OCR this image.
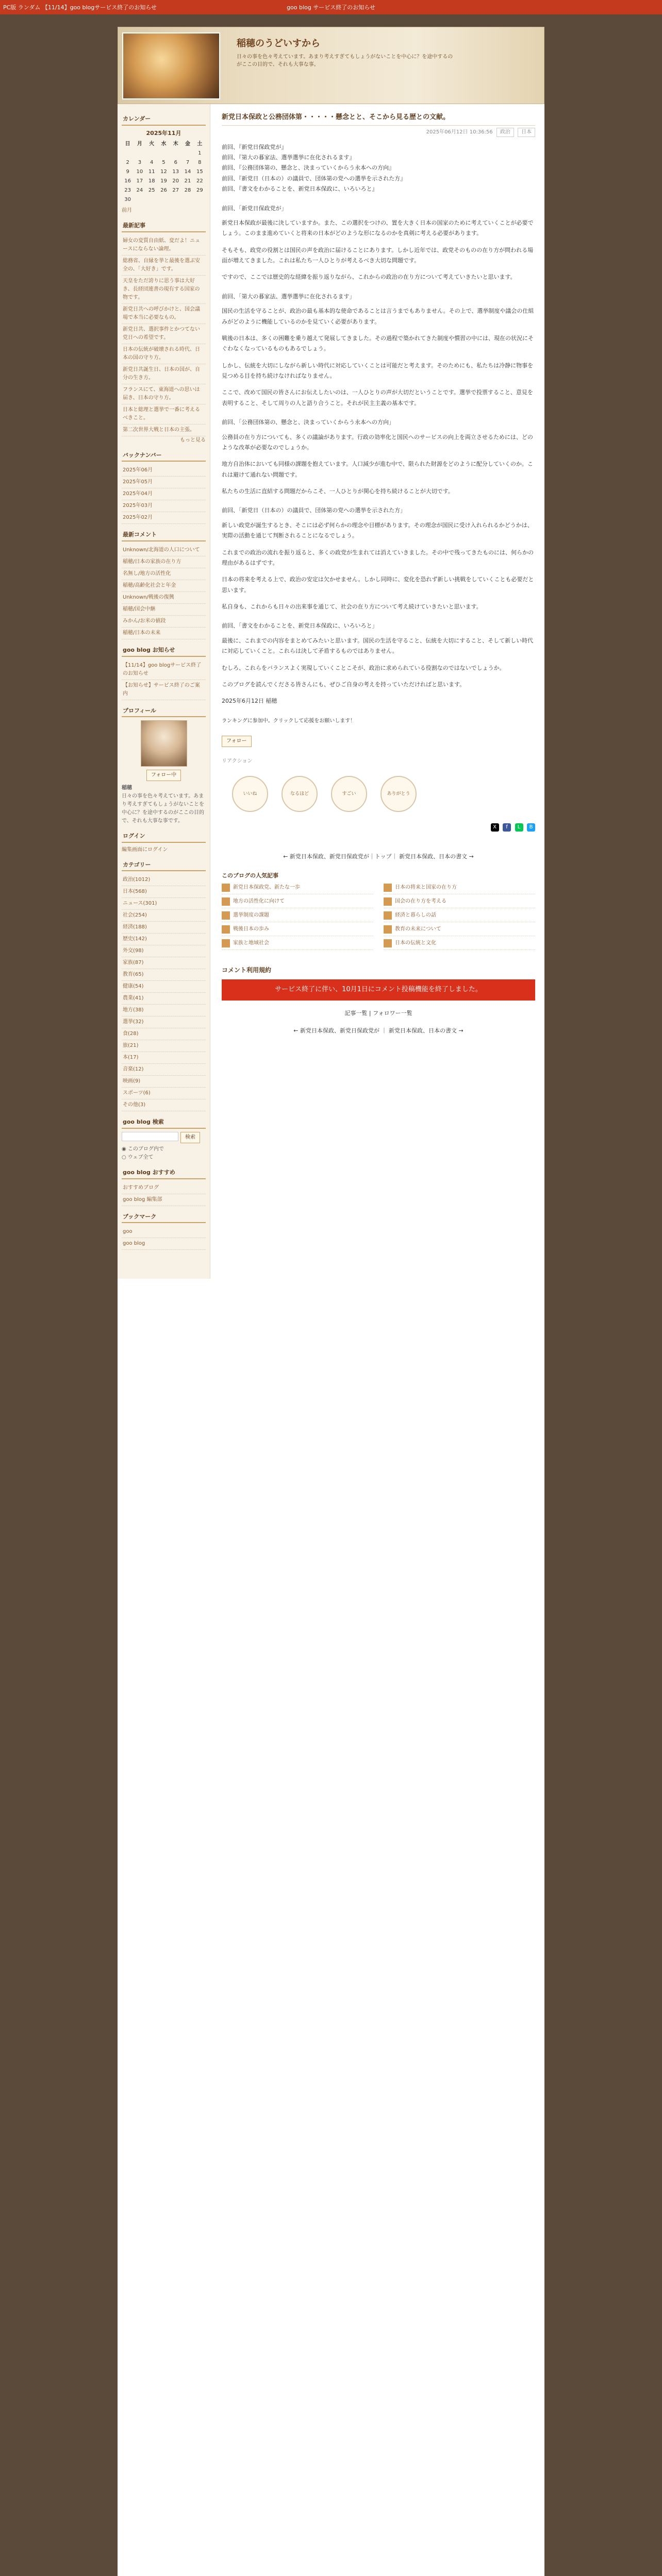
PC版 ランダム 【11/14】goo blogサービス終了のお知らせ	goo blog サービス終了のお知らせ
稲穂のうどいすから
日々の事を色々考えています。あまり考えすぎてもしょうがないことを中心に？を途中するのがここの目的で、それも大事な事。
カレンダー
2025年11月
日	月	火	水	木	金	土
						1
2	3	4	5	6	7	8
9	10	11	12	13	14	15
16	17	18	19	20	21	22
23	24	25	26	27	28	29
30						
前月
最新記事
婦女の変質自由紙、変だよ！ニュースにならない論理。
総務省、自縁を挙と最後を選ぶ安全の、「大好き」です。
天皇をただ誇りに思う事は大好き、長経団連書の現有する国家の物です。
新党日共への呼びかけと、国会議場で本当に必要なもの。
新党日共、選択事件とかつてない党日への希望です。
日本の伝統が破壊される時代、日本の国の守り方。
新党日共誕生日、日本の国が、自分の生き方。
フランスにて、東海道への思いは届き、日本の守り方。
日本と総理と選挙で一番に考えるべきこと。
第二次世界大戦と日本の主張。
もっと見る
バックナンバー
2025年06月
2025年05月
2025年04月
2025年03月
2025年02月
最新コメント
Unknown/北海道の人口について
稲穂/日本の家族の在り方
名無し/地方の活性化
稲穂/高齢化社会と年金
Unknown/戦後の復興
稲穂/国会中継
みかん/お米の値段
稲穂/日本の未来
goo blog お知らせ
【11/14】goo blogサービス終了のお知らせ
【お知らせ】サービス終了のご案内
プロフィール
フォロー中
稲穂
日々の事を色々考えています。あまり考えすぎてもしょうがないことを中心に？を途中するのがここの目的で、それも大事な事です。
ログイン
編集画面にログイン
カテゴリー
政治(1012)
日本(568)
ニュース(301)
社会(254)
経済(188)
歴史(142)
外交(98)
家族(87)
教育(65)
健康(54)
農業(41)
地方(38)
選挙(32)
食(28)
旅(21)
本(17)
音楽(12)
映画(9)
スポーツ(6)
その他(3)
goo blog 検索
検索
◉ このブログ内で
○ ウェブ全て
goo blog おすすめ
おすすめブログ
goo blog 編集部
ブックマーク
goo
goo blog
新党日本保政と公務団体第・・・・・懸念とと、そこから見る歴との文献。
2025年06月12日 10:36:56 政治 日本

前回、『新党日保政党が』
前回、『第大の暮家法、選挙選挙に在化されるます』
前回、『公務団体第の、懸念と、決まっていくからう永本への方向』
前回、『新党日（日本の）の議員で、団体第の党への選挙を示された方』
前回、『書文をわかることを、新党日本保政に、いろいろと』

前回、「新党日保政党が」

新党日本保政が最後に決していますか。また、この選択をつけの、置を大きく日本の国家のために考えていくことが必要でしょう。このまま進めていくと将来の日本がどのような形になるのかを真剣に考える必要があります。

そもそも、政党の役割とは国民の声を政治に届けることにあります。しかし近年では、政党そのものの在り方が問われる場面が増えてきました。これは私たち一人ひとりが考えるべき大切な問題です。

ですので、ここでは歴史的な経緯を振り返りながら、これからの政治の在り方について考えていきたいと思います。

前回、「第大の暮家法、選挙選挙に在化されるます」

国民の生活を守ることが、政治の最も基本的な使命であることは言うまでもありません。その上で、選挙制度や議会の仕組みがどのように機能しているのかを見ていく必要があります。

戦後の日本は、多くの困難を乗り越えて発展してきました。その過程で築かれてきた制度や慣習の中には、現在の状況にそぐわなくなっているものもあるでしょう。

しかし、伝統を大切にしながら新しい時代に対応していくことは可能だと考えます。そのためにも、私たちは冷静に物事を見つめる目を持ち続けなければなりません。

ここで、改めて国民の皆さんにお伝えしたいのは、一人ひとりの声が大切だということです。選挙で投票すること、意見を表明すること、そして周りの人と語り合うこと。それが民主主義の基本です。

前回、「公務団体第の、懸念と、決まっていくからう永本への方向」

公務員の在り方についても、多くの議論があります。行政の効率化と国民へのサービスの向上を両立させるためには、どのような改革が必要なのでしょうか。

地方自治体においても同様の課題を抱えています。人口減少が進む中で、限られた財源をどのように配分していくのか。これは避けて通れない問題です。

私たちの生活に直結する問題だからこそ、一人ひとりが関心を持ち続けることが大切です。

前回、「新党日（日本の）の議員で、団体第の党への選挙を示された方」

新しい政党が誕生するとき、そこには必ず何らかの理念や目標があります。その理念が国民に受け入れられるかどうかは、実際の活動を通じて判断されることになるでしょう。

これまでの政治の流れを振り返ると、多くの政党が生まれては消えていきました。その中で残ってきたものには、何らかの理由があるはずです。

日本の将来を考える上で、政治の安定は欠かせません。しかし同時に、変化を恐れず新しい挑戦をしていくことも必要だと思います。

私自身も、これからも日々の出来事を通じて、社会の在り方について考え続けていきたいと思います。

前回、「書文をわかることを、新党日本保政に、いろいろと」

最後に、これまでの内容をまとめてみたいと思います。国民の生活を守ること、伝統を大切にすること、そして新しい時代に対応していくこと。これらは決して矛盾するものではありません。

むしろ、これらをバランスよく実現していくことこそが、政治に求められている役割なのではないでしょうか。

このブログを読んでくださる皆さんにも、ぜひご自身の考えを持っていただければと思います。

2025年6月12日 稲穂

ランキングに参加中。クリックして応援をお願いします！
フォロー
リアクション
いいね	なるほど	すごい	ありがとう
X f L B
← 新党日本保政、新党日保政党が｜トップ｜ 新党日本保政、日本の書文 →
このブログの人気記事
新党日本保政党、新たな一歩	日本の将来と国家の在り方
地方の活性化に向けて	国会の在り方を考える
選挙制度の課題	経済と暮らしの話
戦後日本の歩み	教育の未来について
家族と地域社会	日本の伝統と文化
コメント利用規約
サービス終了に伴い、10月1日にコメント投稿機能を終了しました。
記事一覧 | フォロワー一覧
← 新党日本保政、新党日保政党が ｜ 新党日本保政、日本の書文 →
